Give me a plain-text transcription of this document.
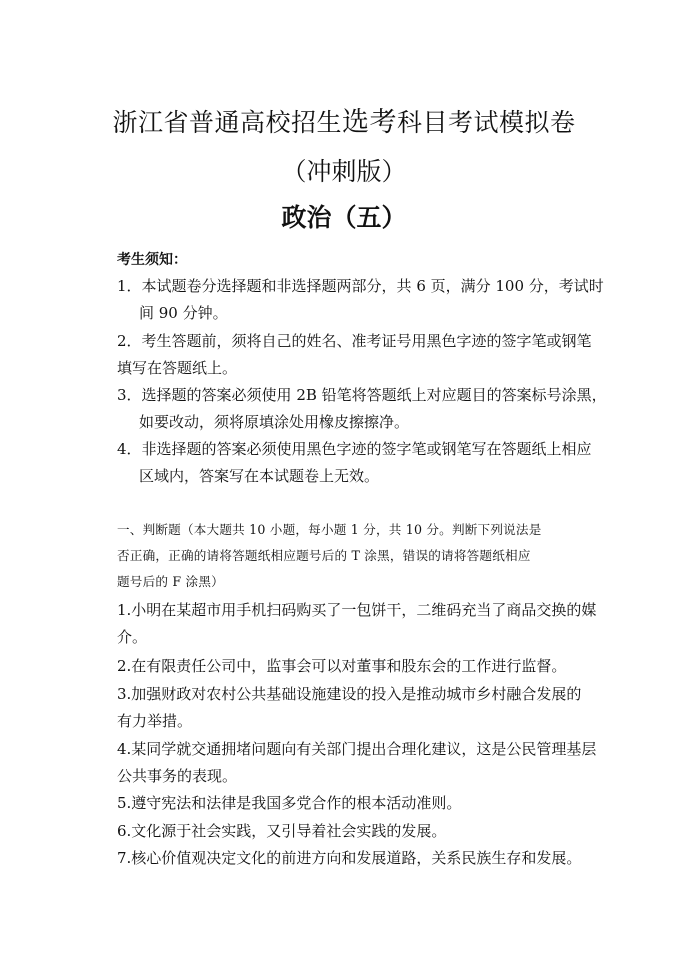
浙江省普通高校招生选考科目考试模拟卷
（冲刺版）
政治（五）
考生须知：
1．本试题卷分选择题和非选择题两部分，共 6 页，满分 100 分，考试时
间 90 分钟。
2．考生答题前，须将自己的姓名、准考证号用黑色字迹的签字笔或钢笔
填写在答题纸上。
3．选择题的答案必须使用 2B 铅笔将答题纸上对应题目的答案标号涂黑，
如要改动，须将原填涂处用橡皮擦擦净。
4．非选择题的答案必须使用黑色字迹的签字笔或钢笔写在答题纸上相应
区域内，答案写在本试题卷上无效。
一、判断题（本大题共 10 小题，每小题 1 分，共 10 分。判断下列说法是
否正确，正确的请将答题纸相应题号后的 T 涂黑，错误的请将答题纸相应
题号后的 F 涂黑）
1.小明在某超市用手机扫码购买了一包饼干，二维码充当了商品交换的媒
介。
2.在有限责任公司中，监事会可以对董事和股东会的工作进行监督。
3.加强财政对农村公共基础设施建设的投入是推动城市乡村融合发展的
有力举措。
4.某同学就交通拥堵问题向有关部门提出合理化建议，这是公民管理基层
公共事务的表现。
5.遵守宪法和法律是我国多党合作的根本活动准则。
6.文化源于社会实践，又引导着社会实践的发展。
7.核心价值观决定文化的前进方向和发展道路，关系民族生存和发展。
